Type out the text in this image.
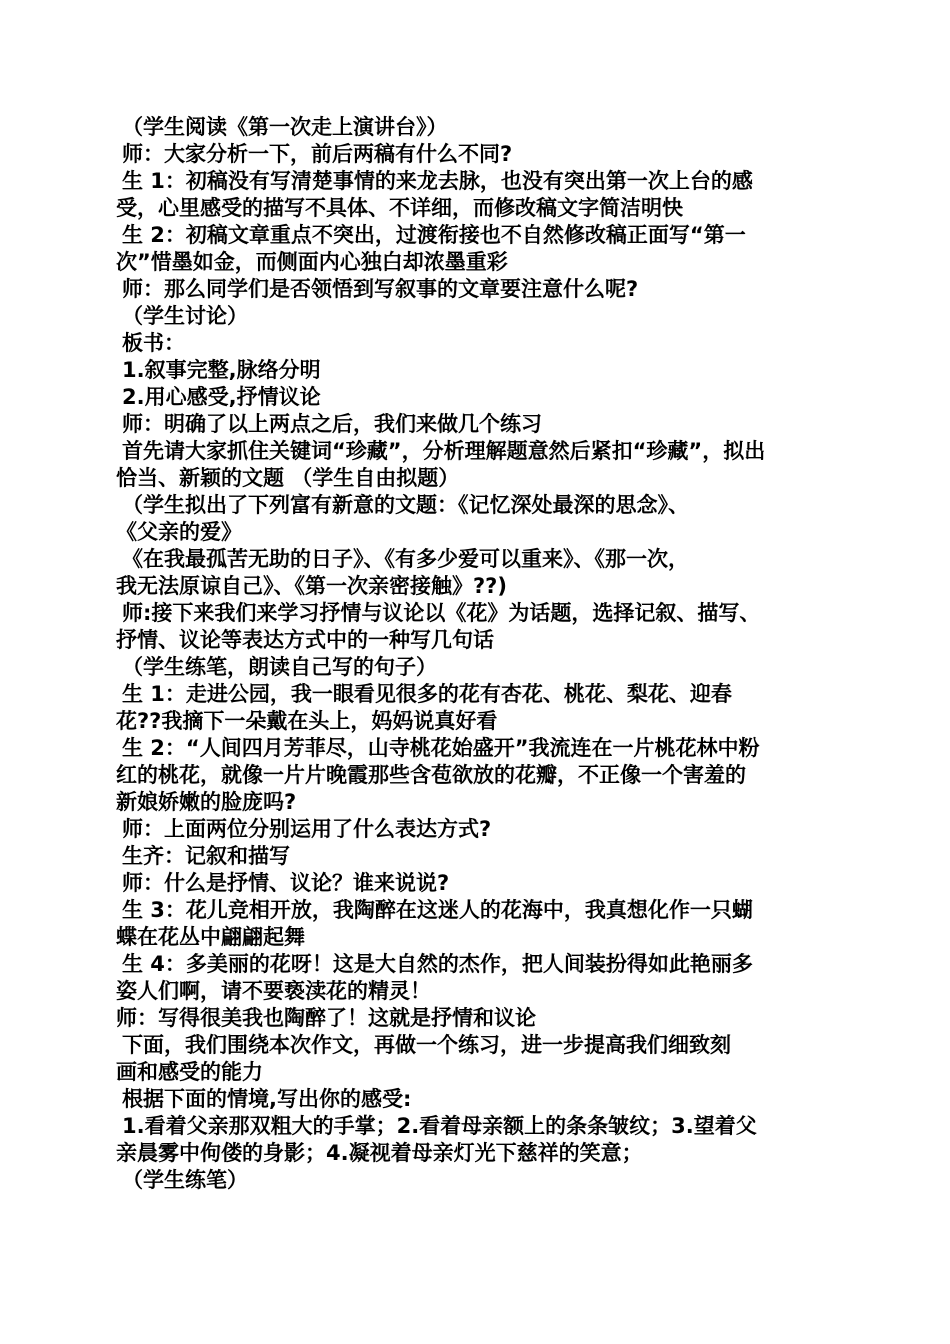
（学生阅读《第一次走上演讲台》）

师：大家分析一下，前后两稿有什么不同?

生 1：初稿没有写清楚事情的来龙去脉，也没有突出第一次上台的感

受，心里感受的描写不具体、不详细，而修改稿文字简洁明快

生 2：初稿文章重点不突出，过渡衔接也不自然修改稿正面写“第一

次”惜墨如金，而侧面内心独白却浓墨重彩

师：那么同学们是否领悟到写叙事的文章要注意什么呢?

（学生讨论）

板书：

1.叙事完整,脉络分明

2.用心感受,抒情议论

师：明确了以上两点之后，我们来做几个练习

首先请大家抓住关键词“珍藏”，分析理解题意然后紧扣“珍藏”，拟出

恰当、新颖的文题 （学生自由拟题）

（学生拟出了下列富有新意的文题：《记忆深处最深的思念》、

《父亲的爱》

《在我最孤苦无助的日子》、《有多少爱可以重来》、《那一次，

我无法原谅自己》、《第一次亲密接触》??)

师:接下来我们来学习抒情与议论以《花》为话题，选择记叙、描写、

抒情、议论等表达方式中的一种写几句话

（学生练笔，朗读自己写的句子）

生 1：走进公园，我一眼看见很多的花有杏花、桃花、梨花、迎春

花??我摘下一朵戴在头上，妈妈说真好看

生 2：“人间四月芳菲尽，山寺桃花始盛开”我流连在一片桃花林中粉

红的桃花，就像一片片晚霞那些含苞欲放的花瓣，不正像一个害羞的

新娘娇嫩的脸庞吗?

师：上面两位分别运用了什么表达方式?

生齐：记叙和描写

师：什么是抒情、议论？谁来说说?

生 3：花儿竞相开放，我陶醉在这迷人的花海中，我真想化作一只蝴

蝶在花丛中翩翩起舞

生 4：多美丽的花呀！这是大自然的杰作，把人间装扮得如此艳丽多

姿人们啊，请不要亵渎花的精灵！

师：写得很美我也陶醉了！这就是抒情和议论

下面，我们围绕本次作文，再做一个练习，进一步提高我们细致刻

画和感受的能力

根据下面的情境,写出你的感受:

1.看着父亲那双粗大的手掌；2.看着母亲额上的条条皱纹；3.望着父

亲晨雾中佝偻的身影；4.凝视着母亲灯光下慈祥的笑意；

（学生练笔）
